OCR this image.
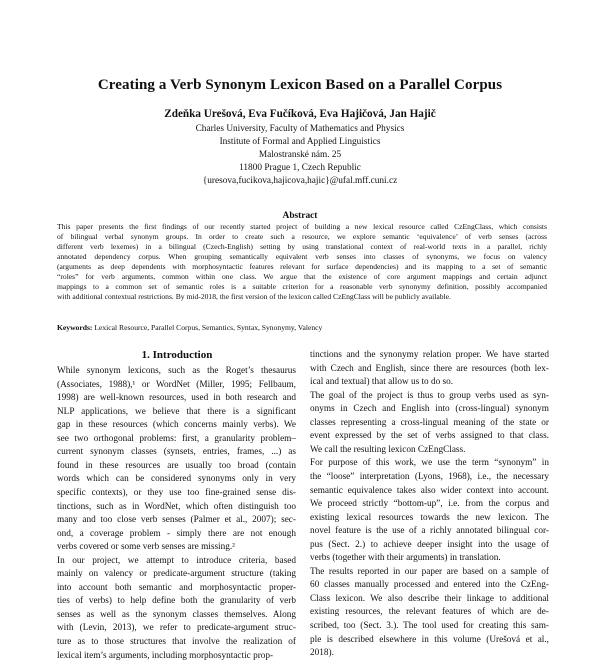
Creating a Verb Synonym Lexicon Based on a Parallel Corpus
Zdeňka Urešová, Eva Fučíková, Eva Hajičová, Jan Hajič
Charles University, Faculty of Mathematics and Physics
Institute of Formal and Applied Linguistics
Malostranské nám. 25
11800 Prague 1, Czech Republic
{uresova,fucikova,hajicova,hajic}@ufal.mff.cuni.cz
Abstract
This paper presents the first findings of our recently started project of building a new lexical resource called CzEngClass, which consists
of bilingual verbal synonym groups. In order to create such a resource, we explore semantic ‘equivalence’ of verb senses (across
different verb lexemes) in a bilingual (Czech-English) setting by using translational context of real-world texts in a parallel, richly
annotated dependency corpus. When grouping semantically equivalent verb senses into classes of synonyms, we focus on valency
(arguments as deep dependents with morphosyntactic features relevant for surface dependencies) and its mapping to a set of semantic
“roles” for verb arguments, common within one class. We argue that the existence of core argument mappings and certain adjunct
mappings to a common set of semantic roles is a suitable criterion for a reasonable verb synonymy definition, possibly accompanied
with additional contextual restrictions. By mid-2018, the first version of the lexicon called CzEngClass will be publicly available.
Keywords: Lexical Resource, Parallel Corpus, Semantics, Syntax, Synonymy, Valency
1. Introduction
While synonym lexicons, such as the Roget’s thesaurus
(Associates, 1988),¹ or WordNet (Miller, 1995; Fellbaum,
1998) are well-known resources, used in both research and
NLP applications, we believe that there is a significant
gap in these resources (which concerns mainly verbs). We
see two orthogonal problems: first, a granularity problem–
current synonym classes (synsets, entries, frames, ...) as
found in these resources are usually too broad (contain
words which can be considered synonyms only in very
specific contexts), or they use too fine-grained sense dis-
tinctions, such as in WordNet, which often distinguish too
many and too close verb senses (Palmer et al., 2007); sec-
ond, a coverage problem - simply there are not enough
verbs covered or some verb senses are missing.²
In our project, we attempt to introduce criteria, based
mainly on valency or predicate-argument structure (taking
into account both semantic and morphosyntactic proper-
ties of verbs) to help define both the granularity of verb
senses as well as the synonym classes themselves. Along
with (Levin, 2013), we refer to predicate-argument struc-
ture as to those structures that involve the realization of
lexical item’s arguments, including morphosyntactic prop-
tinctions and the synonymy relation proper. We have started
with Czech and English, since there are resources (both lex-
ical and textual) that allow us to do so.
The goal of the project is thus to group verbs used as syn-
onyms in Czech and English into (cross-lingual) synonym
classes representing a cross-lingual meaning of the state or
event expressed by the set of verbs assigned to that class.
We call the resulting lexicon CzEngClass.
For purpose of this work, we use the term “synonym” in
the “loose” interpretation (Lyons, 1968), i.e., the necessary
semantic equivalence takes also wider context into account.
We proceed strictly “bottom-up”, i.e. from the corpus and
existing lexical resources towards the new lexicon. The
novel feature is the use of a richly annotated bilingual cor-
pus (Sect. 2.) to achieve deeper insight into the usage of
verbs (together with their arguments) in translation.
The results reported in our paper are based on a sample of
60 classes manually processed and entered into the CzEng-
Class lexicon. We also describe their linkage to additional
existing resources, the relevant features of which are de-
scribed, too (Sect. 3.). The tool used for creating this sam-
ple is described elsewhere in this volume (Urešová et al.,
2018).
